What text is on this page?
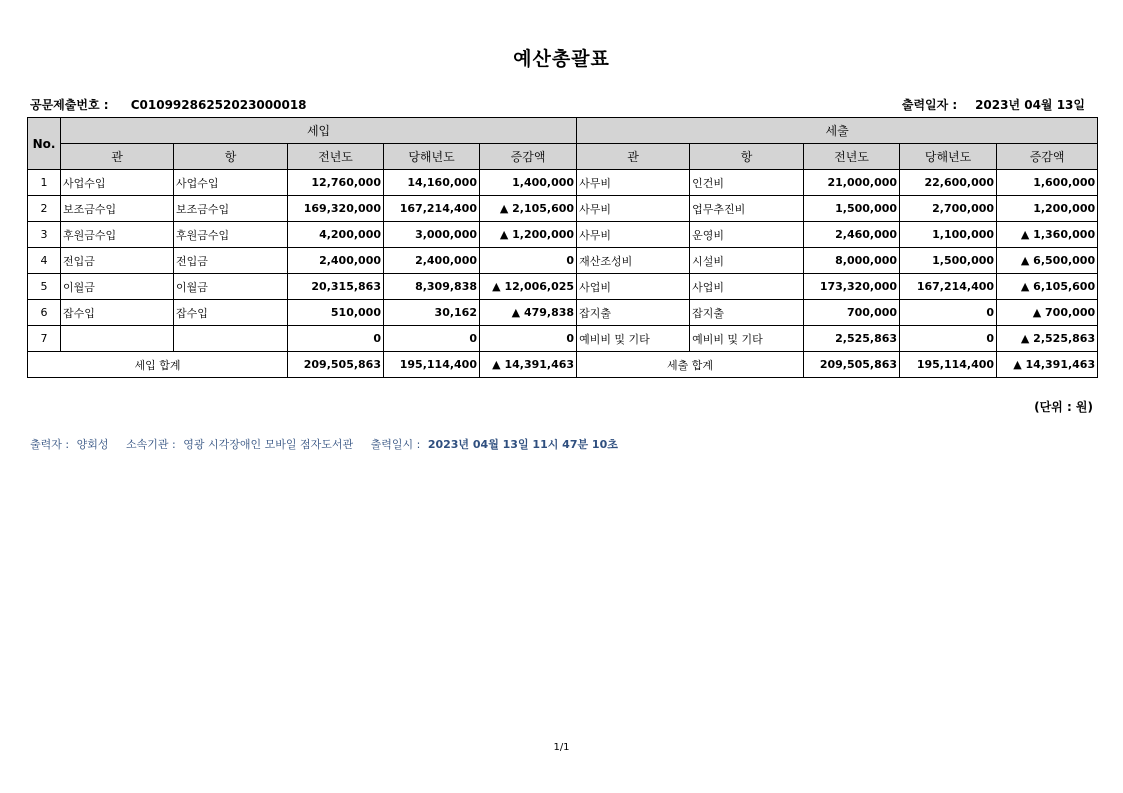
예산총괄표
공문제출번호 : C01099286252023000018	출력일자 : 2023년 04월 13일
No.	세입					세출				
	관	항	전년도	당해년도	증감액	관	항	전년도	당해년도	증감액
1	사업수입	사업수입	12,760,000	14,160,000	1,400,000	사무비	인건비	21,000,000	22,600,000	1,600,000
2	보조금수입	보조금수입	169,320,000	167,214,400	▲ 2,105,600	사무비	업무추진비	1,500,000	2,700,000	1,200,000
3	후원금수입	후원금수입	4,200,000	3,000,000	▲ 1,200,000	사무비	운영비	2,460,000	1,100,000	▲ 1,360,000
4	전입금	전입금	2,400,000	2,400,000	0	재산조성비	시설비	8,000,000	1,500,000	▲ 6,500,000
5	이월금	이월금	20,315,863	8,309,838	▲ 12,006,025	사업비	사업비	173,320,000	167,214,400	▲ 6,105,600
6	잡수입	잡수입	510,000	30,162	▲ 479,838	잡지출	잡지출	700,000	0	▲ 700,000
7			0	0	0	예비비 및 기타	예비비 및 기타	2,525,863	0	▲ 2,525,863
세입 합계			209,505,863	195,114,400	▲ 14,391,463	세출 합계		209,505,863	195,114,400	▲ 14,391,463
(단위 : 원)
출력자 : 양회성 소속기관 : 영광 시각장애인 모바일 점자도서관 출력일시 : 2023년 04월 13일 11시 47분 10초
1/1
